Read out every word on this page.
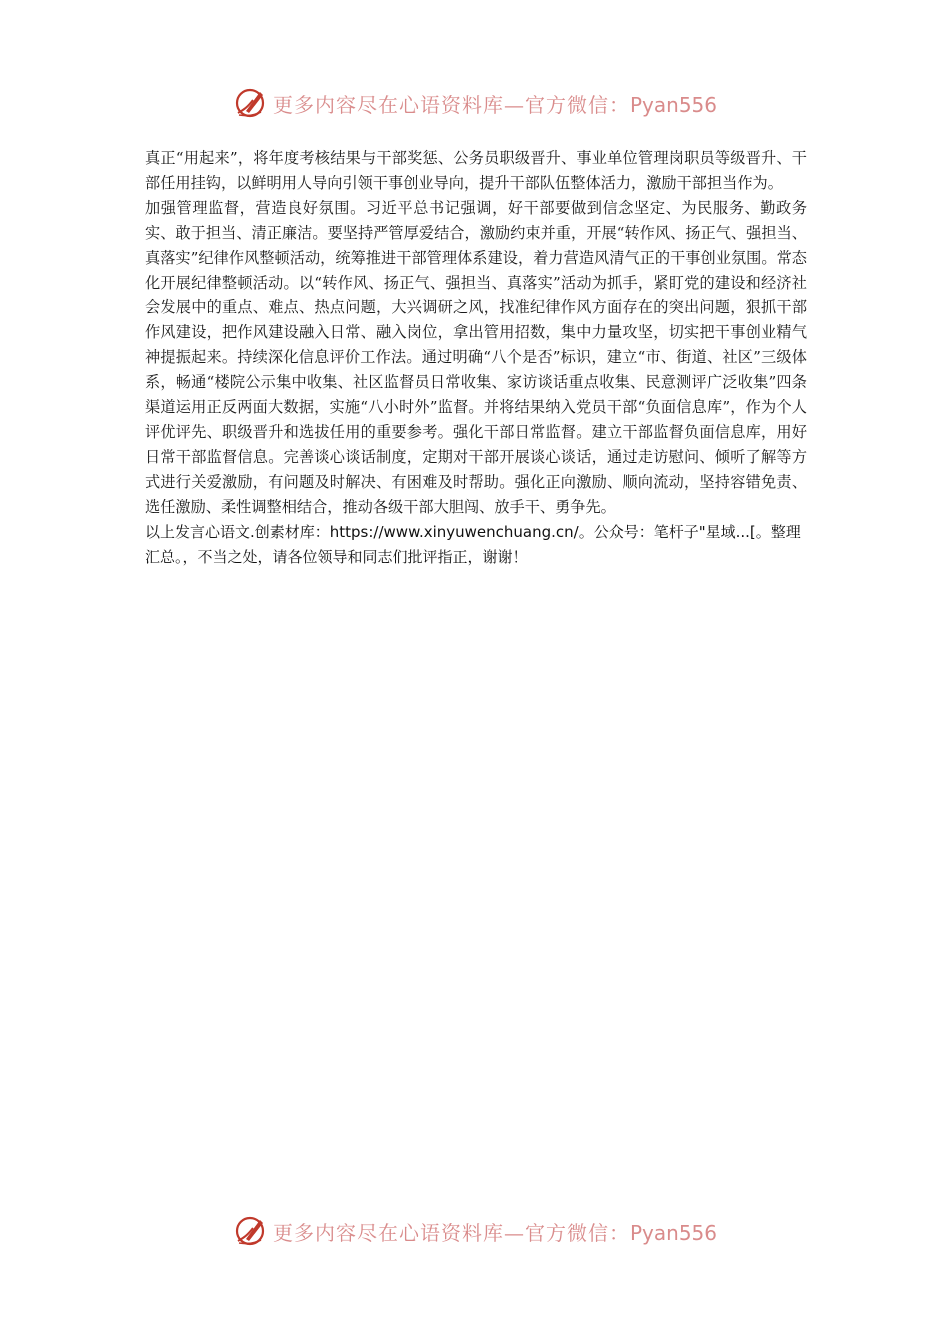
更多内容尽在心语资料库—官方微信：Pyan556

真正“用起来”，将年度考核结果与干部奖惩、公务员职级晋升、事业单位管理岗职员等级晋升、干部任用挂钩，以鲜明用人导向引领干事创业导向，提升干部队伍整体活力，激励干部担当作为。

加强管理监督，营造良好氛围。习近平总书记强调，好干部要做到信念坚定、为民服务、勤政务实、敢于担当、清正廉洁。要坚持严管厚爱结合，激励约束并重，开展“转作风、扬正气、强担当、真落实”纪律作风整顿活动，统筹推进干部管理体系建设，着力营造风清气正的干事创业氛围。常态化开展纪律整顿活动。以“转作风、扬正气、强担当、真落实”活动为抓手，紧盯党的建设和经济社会发展中的重点、难点、热点问题，大兴调研之风，找准纪律作风方面存在的突出问题，狠抓干部作风建设，把作风建设融入日常、融入岗位，拿出管用招数，集中力量攻坚，切实把干事创业精气神提振起来。持续深化信息评价工作法。通过明确“八个是否”标识，建立“市、街道、社区”三级体系，畅通“楼院公示集中收集、社区监督员日常收集、家访谈话重点收集、民意测评广泛收集”四条渠道运用正反两面大数据，实施“八小时外”监督。并将结果纳入党员干部“负面信息库”，作为个人评优评先、职级晋升和选拔任用的重要参考。强化干部日常监督。建立干部监督负面信息库，用好日常干部监督信息。完善谈心谈话制度，定期对干部开展谈心谈话，通过走访慰问、倾听了解等方式进行关爱激励，有问题及时解决、有困难及时帮助。强化正向激励、顺向流动，坚持容错免责、选任激励、柔性调整相结合，推动各级干部大胆闯、放手干、勇争先。

以上发言心语文.创素材库：https://www.xinyuwenchuang.cn/。公众号：笔杆子"星域...[。整理汇总。，不当之处，请各位领导和同志们批评指正，谢谢！

更多内容尽在心语资料库—官方微信：Pyan556
